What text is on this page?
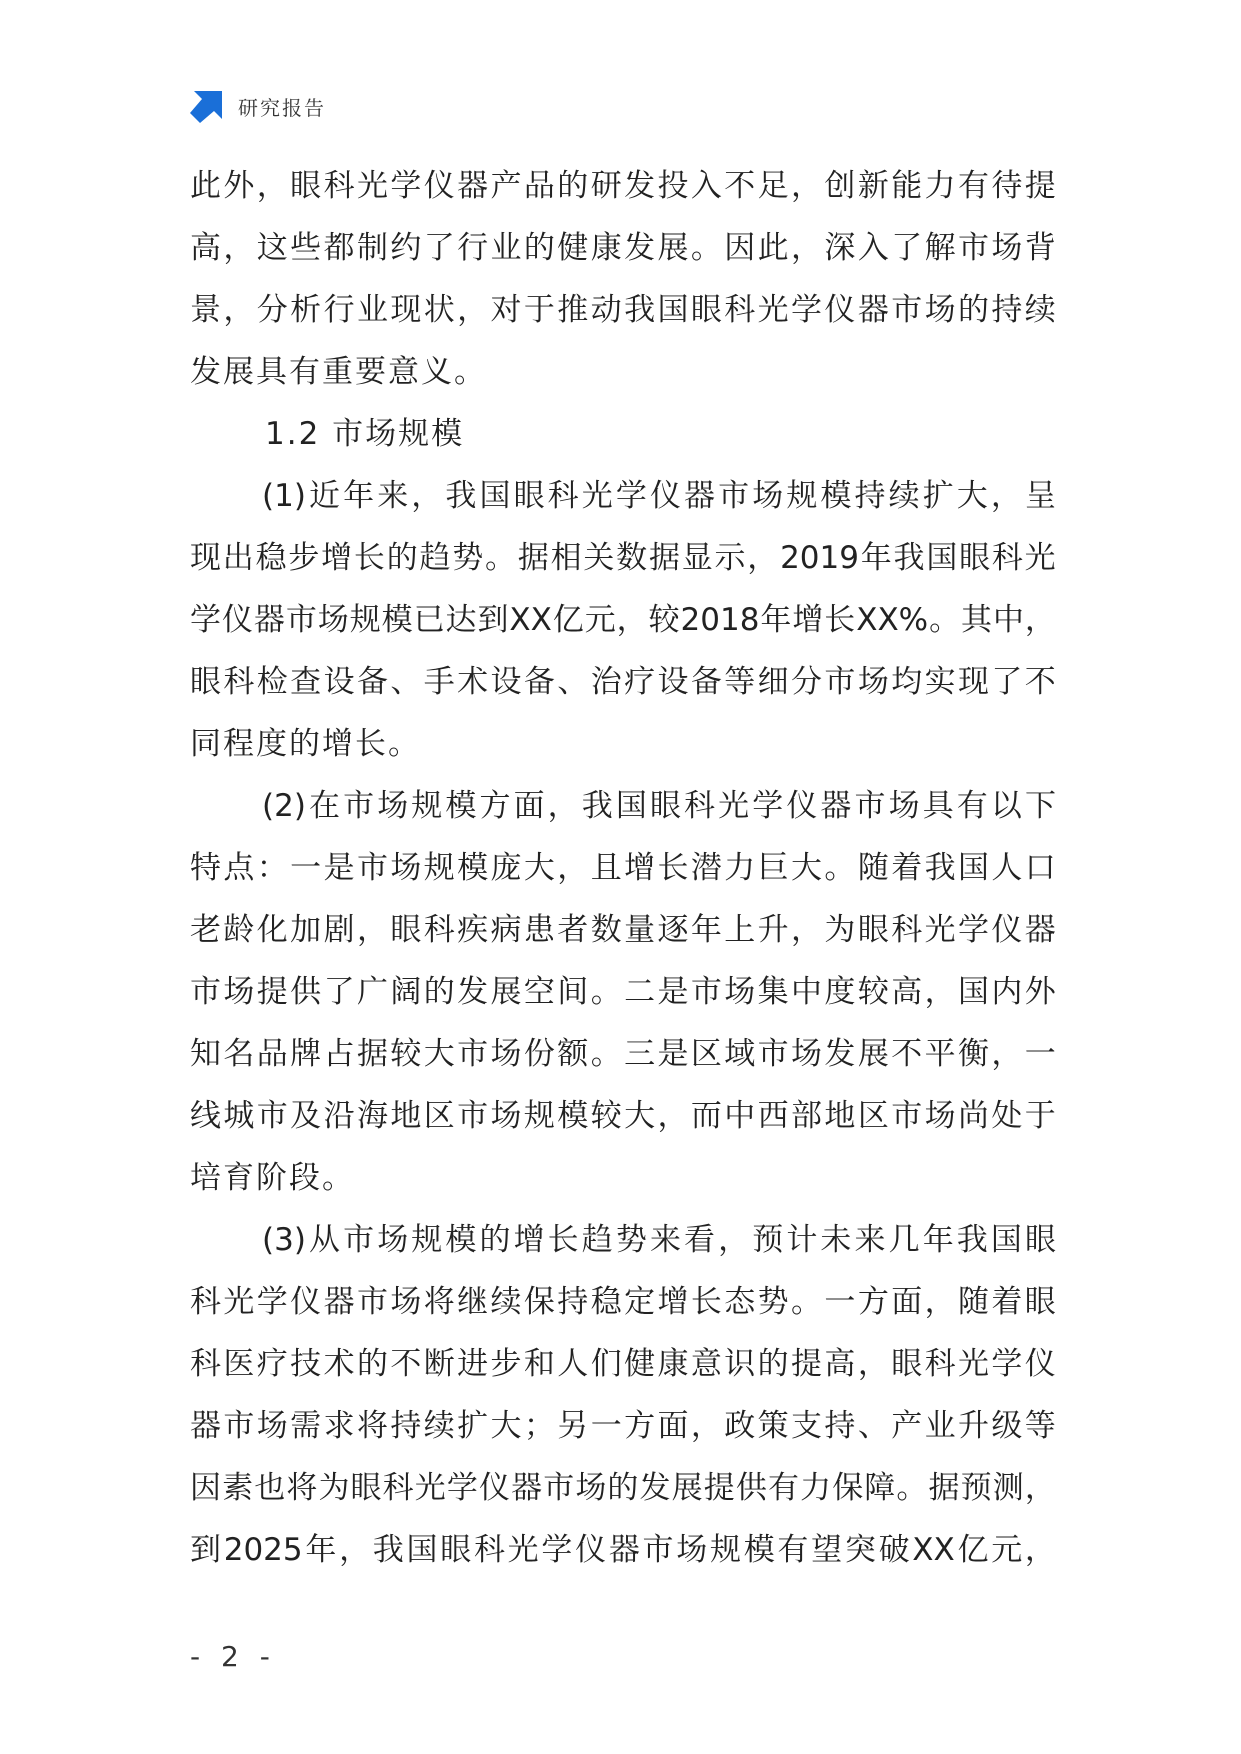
研究报告
此 外 ， 眼 科 光 学 仪 器 产 品 的 研 发 投 入 不 足 ， 创 新 能 力 有 待 提
高 ， 这 些 都 制 约 了 行 业 的 健 康 发 展 。 因 此 ， 深 入 了 解 市 场 背
景 ， 分 析 行 业 现 状 ， 对 于 推 动 我 国 眼 科 光 学 仪 器 市 场 的 持 续
发展具有重要意义。
1.2 市场规模
(1) 近 年 来 ， 我 国 眼 科 光 学 仪 器 市 场 规 模 持 续 扩 大 ， 呈
现 出 稳 步 增 长 的 趋 势 。 据 相 关 数 据 显 示 ， 2019 年 我 国 眼 科 光
学 仪 器 市 场 规 模 已 达 到 XX 亿 元 ， 较 2018 年 增 长 XX% 。 其 中 ，
眼 科 检 查 设 备 、 手 术 设 备 、 治 疗 设 备 等 细 分 市 场 均 实 现 了 不
同程度的增长。
(2) 在 市 场 规 模 方 面 ， 我 国 眼 科 光 学 仪 器 市 场 具 有 以 下
特 点 ： 一 是 市 场 规 模 庞 大 ， 且 增 长 潜 力 巨 大 。 随 着 我 国 人 口
老 龄 化 加 剧 ， 眼 科 疾 病 患 者 数 量 逐 年 上 升 ， 为 眼 科 光 学 仪 器
市 场 提 供 了 广 阔 的 发 展 空 间 。 二 是 市 场 集 中 度 较 高 ， 国 内 外
知 名 品 牌 占 据 较 大 市 场 份 额 。 三 是 区 域 市 场 发 展 不 平 衡 ， 一
线 城 市 及 沿 海 地 区 市 场 规 模 较 大 ， 而 中 西 部 地 区 市 场 尚 处 于
培育阶段。
(3) 从 市 场 规 模 的 增 长 趋 势 来 看 ， 预 计 未 来 几 年 我 国 眼
科 光 学 仪 器 市 场 将 继 续 保 持 稳 定 增 长 态 势 。 一 方 面 ， 随 着 眼
科 医 疗 技 术 的 不 断 进 步 和 人 们 健 康 意 识 的 提 高 ， 眼 科 光 学 仪
器 市 场 需 求 将 持 续 扩 大 ； 另 一 方 面 ， 政 策 支 持 、 产 业 升 级 等
因 素 也 将 为 眼 科 光 学 仪 器 市 场 的 发 展 提 供 有 力 保 障 。 据 预 测 ，
到 2025 年 ， 我 国 眼 科 光 学 仪 器 市 场 规 模 有 望 突 破 XX 亿 元 ，
- 2 -
